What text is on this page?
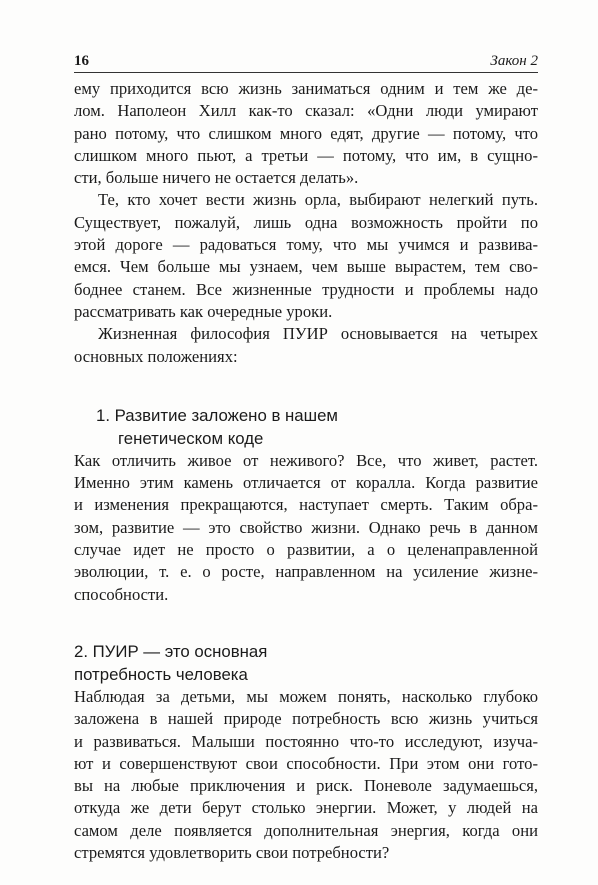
16	Закон 2

ему приходится всю жизнь заниматься одним и тем же де-
лом. Наполеон Хилл как-то сказал: «Одни люди умирают
рано потому, что слишком много едят, другие — потому, что
слишком много пьют, а третьи — потому, что им, в сущно-
сти, больше ничего не остается делать».

Те, кто хочет вести жизнь орла, выбирают нелегкий путь.
Существует, пожалуй, лишь одна возможность пройти по
этой дороге — радоваться тому, что мы учимся и развива-
емся. Чем больше мы узнаем, чем выше вырастем, тем сво-
боднее станем. Все жизненные трудности и проблемы надо
рассматривать как очередные уроки.

Жизненная философия ПУИР основывается на четырех
основных положениях:

1. Развитие заложено в нашем
генетическом коде

Как отличить живое от неживого? Все, что живет, растет.
Именно этим камень отличается от коралла. Когда развитие
и изменения прекращаются, наступает смерть. Таким обра-
зом, развитие — это свойство жизни. Однако речь в данном
случае идет не просто о развитии, а о целенаправленной
эволюции, т. е. о росте, направленном на усиление жизне-
способности.

2. ПУИР — это основная
потребность человека

Наблюдая за детьми, мы можем понять, насколько глубоко
заложена в нашей природе потребность всю жизнь учиться
и развиваться. Малыши постоянно что-то исследуют, изуча-
ют и совершенствуют свои способности. При этом они гото-
вы на любые приключения и риск. Поневоле задумаешься,
откуда же дети берут столько энергии. Может, у людей на
самом деле появляется дополнительная энергия, когда они
стремятся удовлетворить свои потребности?
